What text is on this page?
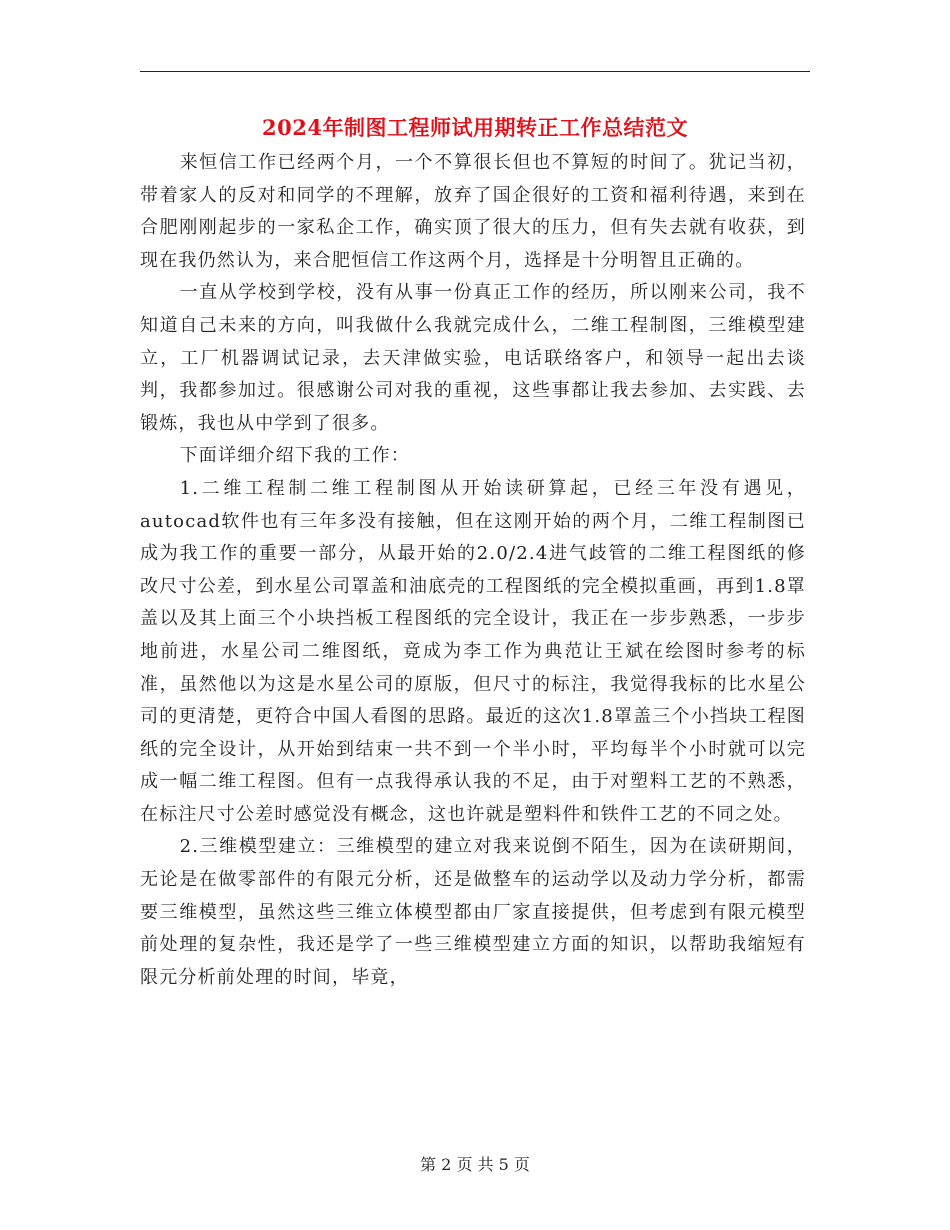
2024年制图工程师试用期转正工作总结范文

来恒信工作已经两个月，一个不算很长但也不算短的时间了。犹记当初，带着家人的反对和同学的不理解，放弃了国企很好的工资和福利待遇，来到在合肥刚刚起步的一家私企工作，确实顶了很大的压力，但有失去就有收获，到现在我仍然认为，来合肥恒信工作这两个月，选择是十分明智且正确的。

一直从学校到学校，没有从事一份真正工作的经历，所以刚来公司，我不知道自己未来的方向，叫我做什么我就完成什么，二维工程制图，三维模型建立，工厂机器调试记录，去天津做实验，电话联络客户，和领导一起出去谈判，我都参加过。很感谢公司对我的重视，这些事都让我去参加、去实践、去锻炼，我也从中学到了很多。

下面详细介绍下我的工作：

1.二维工程制二维工程制图从开始读研算起，已经三年没有遇见，autocad软件也有三年多没有接触，但在这刚开始的两个月，二维工程制图已成为我工作的重要一部分，从最开始的2.0/2.4进气歧管的二维工程图纸的修改尺寸公差，到水星公司罩盖和油底壳的工程图纸的完全模拟重画，再到1.8罩盖以及其上面三个小块挡板工程图纸的完全设计，我正在一步步熟悉，一步步地前进，水星公司二维图纸，竟成为李工作为典范让王斌在绘图时参考的标准，虽然他以为这是水星公司的原版，但尺寸的标注，我觉得我标的比水星公司的更清楚，更符合中国人看图的思路。最近的这次1.8罩盖三个小挡块工程图纸的完全设计，从开始到结束一共不到一个半小时，平均每半个小时就可以完成一幅二维工程图。但有一点我得承认我的不足，由于对塑料工艺的不熟悉，在标注尺寸公差时感觉没有概念，这也许就是塑料件和铁件工艺的不同之处。

2.三维模型建立：三维模型的建立对我来说倒不陌生，因为在读研期间，无论是在做零部件的有限元分析，还是做整车的运动学以及动力学分析，都需要三维模型，虽然这些三维立体模型都由厂家直接提供，但考虑到有限元模型前处理的复杂性，我还是学了一些三维模型建立方面的知识，以帮助我缩短有限元分析前处理的时间，毕竟，

第 2 页 共 5 页
